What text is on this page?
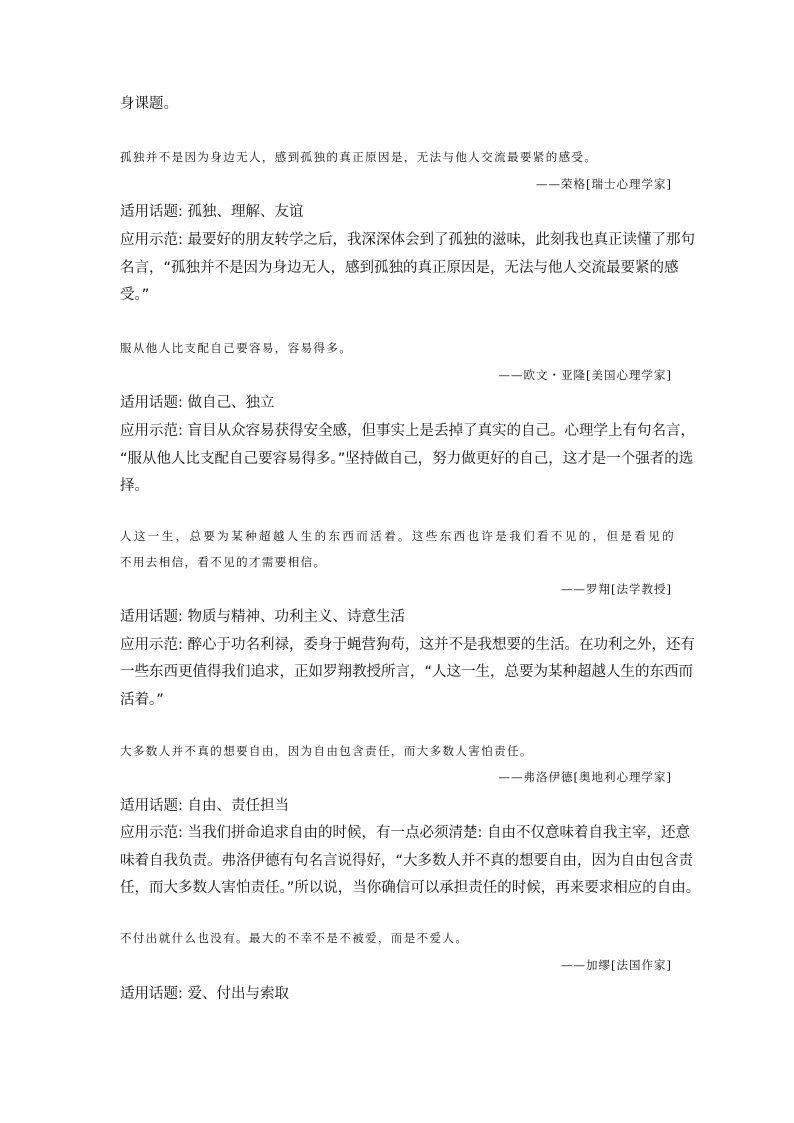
身课题。
孤独并不是因为身边无人，感到孤独的真正原因是，无法与他人交流最要紧的感受。
——荣格[瑞士心理学家]
适用话题: 孤独、理解、友谊
应用示范: 最要好的朋友转学之后，我深深体会到了孤独的滋味，此刻我也真正读懂了那句
名言，“孤独并不是因为身边无人，感到孤独的真正原因是，无法与他人交流最要紧的感
受。”
服从他人比支配自己要容易，容易得多。
——欧文・亚隆[美国心理学家]
适用话题: 做自己、独立
应用示范: 盲目从众容易获得安全感，但事实上是丢掉了真实的自己。心理学上有句名言，
“服从他人比支配自己要容易得多。”坚持做自己，努力做更好的自己，这才是一个强者的选
择。
人这一生，总要为某种超越人生的东西而活着。这些东西也许是我们看不见的，但是看见的
不用去相信，看不见的才需要相信。
——罗翔[法学教授]
适用话题: 物质与精神、功利主义、诗意生活
应用示范: 醉心于功名利禄，委身于蝇营狗苟，这并不是我想要的生活。在功利之外，还有
一些东西更值得我们追求，正如罗翔教授所言，“人这一生，总要为某种超越人生的东西而
活着。”
大多数人并不真的想要自由，因为自由包含责任，而大多数人害怕责任。
——弗洛伊德[奥地利心理学家]
适用话题: 自由、责任担当
应用示范: 当我们拼命追求自由的时候，有一点必须清楚: 自由不仅意味着自我主宰，还意
味着自我负责。弗洛伊德有句名言说得好，“大多数人并不真的想要自由，因为自由包含责
任，而大多数人害怕责任。”所以说，当你确信可以承担责任的时候，再来要求相应的自由。
不付出就什么也没有。最大的不幸不是不被爱，而是不爱人。
——加缪[法国作家]
适用话题: 爱、付出与索取
